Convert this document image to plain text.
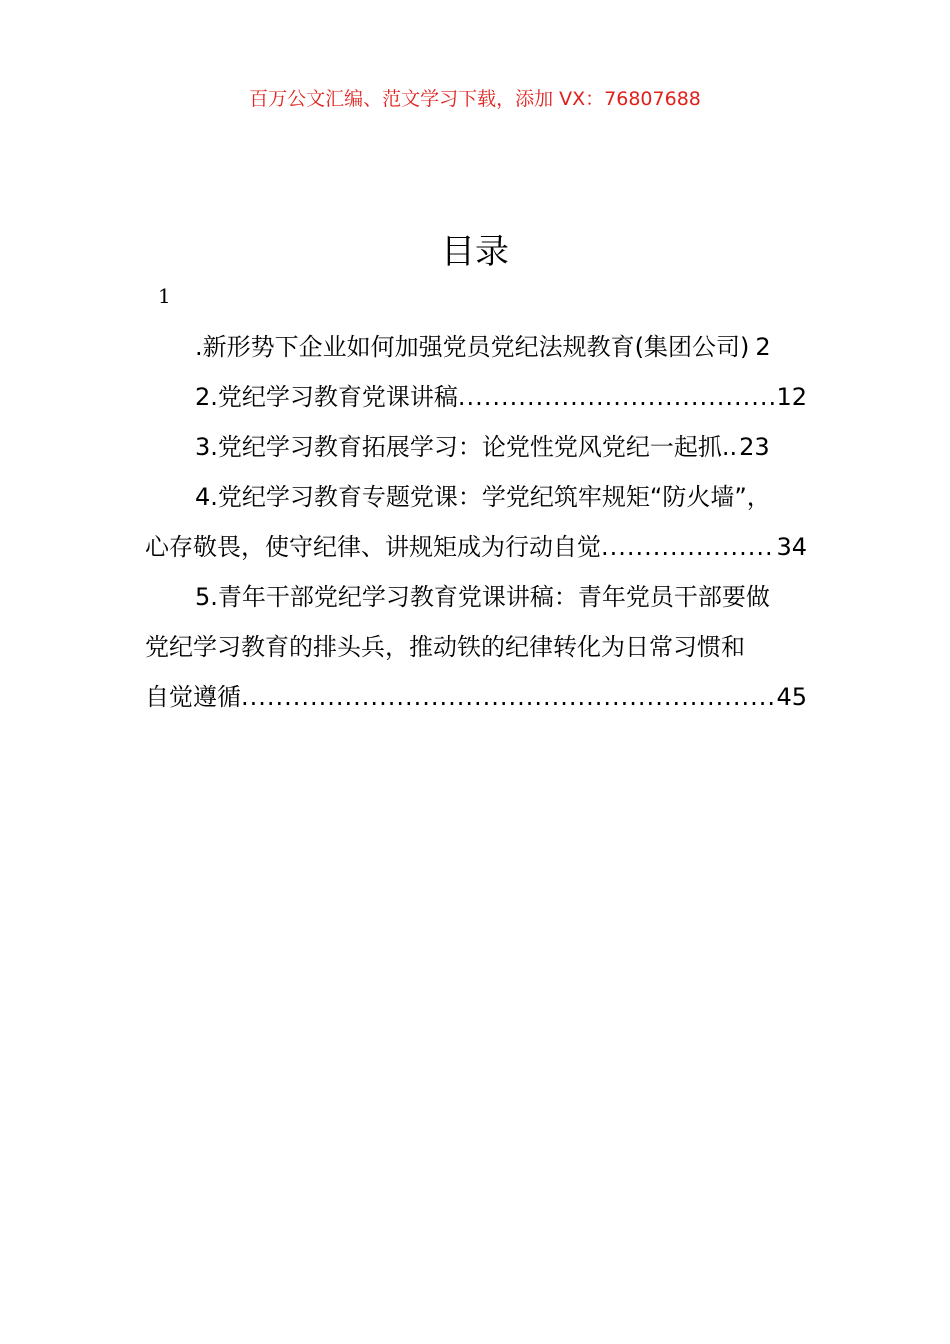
百万公文汇编、范文学习下载，添加 VX：76807688
目录
1
.新形势下企业如何加强党员党纪法规教育(集团公司) 2
2.党纪学习教育党课讲稿 .....	12
3.党纪学习教育拓展学习：论党性党风党纪一起抓.. 23
4.党纪学习教育专题党课：学党纪筑牢规矩“防火墙”，
心存敬畏，使守纪律、讲规矩成为行动自觉 .....	34
5.青年干部党纪学习教育党课讲稿：青年党员干部要做
党纪学习教育的排头兵，推动铁的纪律转化为日常习惯和
自觉遵循 .....	45
